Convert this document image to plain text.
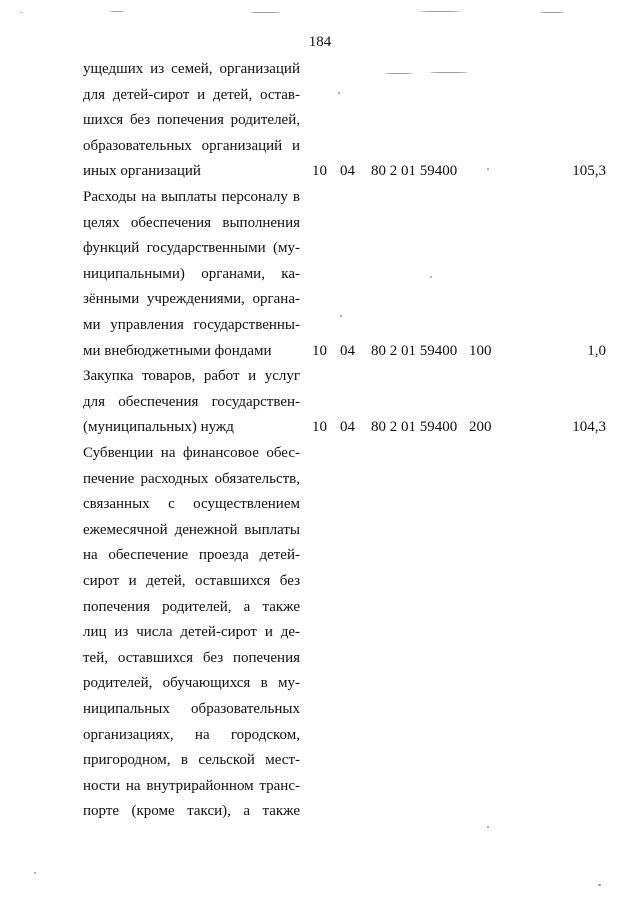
184
ущедших из семей, организаций
для детей-сирот и детей, остав-
шихся без попечения родителей,
образовательных организаций и
иных организаций	10 04 80 2 01 59400	105,3
Расходы на выплаты персоналу в
целях обеспечения выполнения
функций государственными (му-
ниципальными) органами, ка-
зёнными учреждениями, органа-
ми управления государственны-
ми внебюджетными фондами	10 04 80 2 01 59400 100	1,0
Закупка товаров, работ и услуг
для обеспечения государствен-
(муниципальных) нужд	10 04 80 2 01 59400 200	104,3
Субвенции на финансовое обес-
печение расходных обязательств,
связанных с осуществлением
ежемесячной денежной выплаты
на обеспечение проезда детей-
сирот и детей, оставшихся без
попечения родителей, а также
лиц из числа детей-сирот и де-
тей, оставшихся без попечения
родителей, обучающихся в му-
ниципальных образовательных
организациях, на городском,
пригородном, в сельской мест-
ности на внутрирайонном транс-
порте (кроме такси), а также
